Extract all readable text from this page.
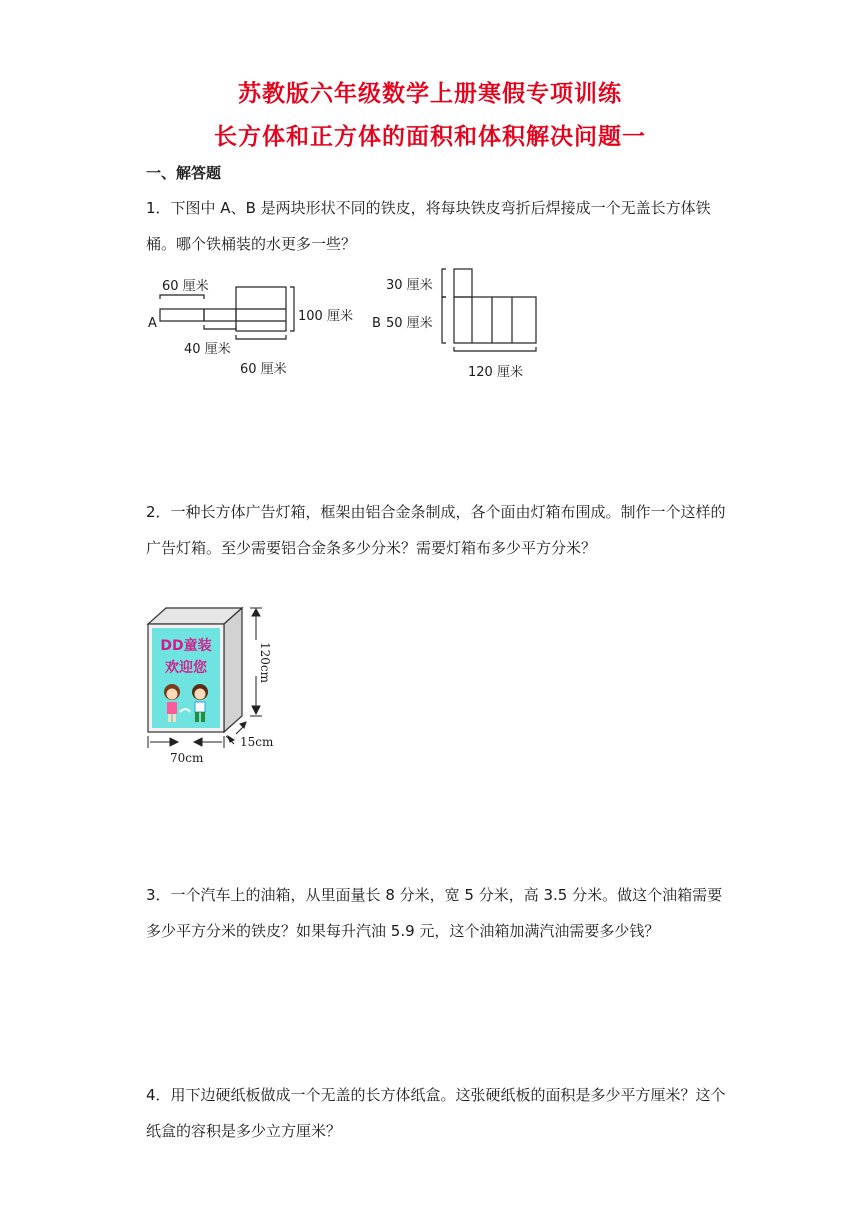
苏教版六年级数学上册寒假专项训练
长方体和正方体的面积和体积解决问题一
一、解答题
1．下图中 A、B 是两块形状不同的铁皮，将每块铁皮弯折后焊接成一个无盖长方体铁桶。哪个铁桶装的水更多一些？
A
60 厘米
40 厘米
60 厘米
100 厘米 B
30 厘米
50 厘米
120 厘米
2．一种长方体广告灯箱，框架由铝合金条制成，各个面由灯箱布围成。制作一个这样的广告灯箱。至少需要铝合金条多少分米？需要灯箱布多少平方分米？
DD童装
欢迎您	120cm
70cm
15cm
3．一个汽车上的油箱，从里面量长 8 分米，宽 5 分米，高 3.5 分米。做这个油箱需要多少平方分米的铁皮？如果每升汽油 5.9 元，这个油箱加满汽油需要多少钱？
4．用下边硬纸板做成一个无盖的长方体纸盒。这张硬纸板的面积是多少平方厘米？这个纸盒的容积是多少立方厘米？
